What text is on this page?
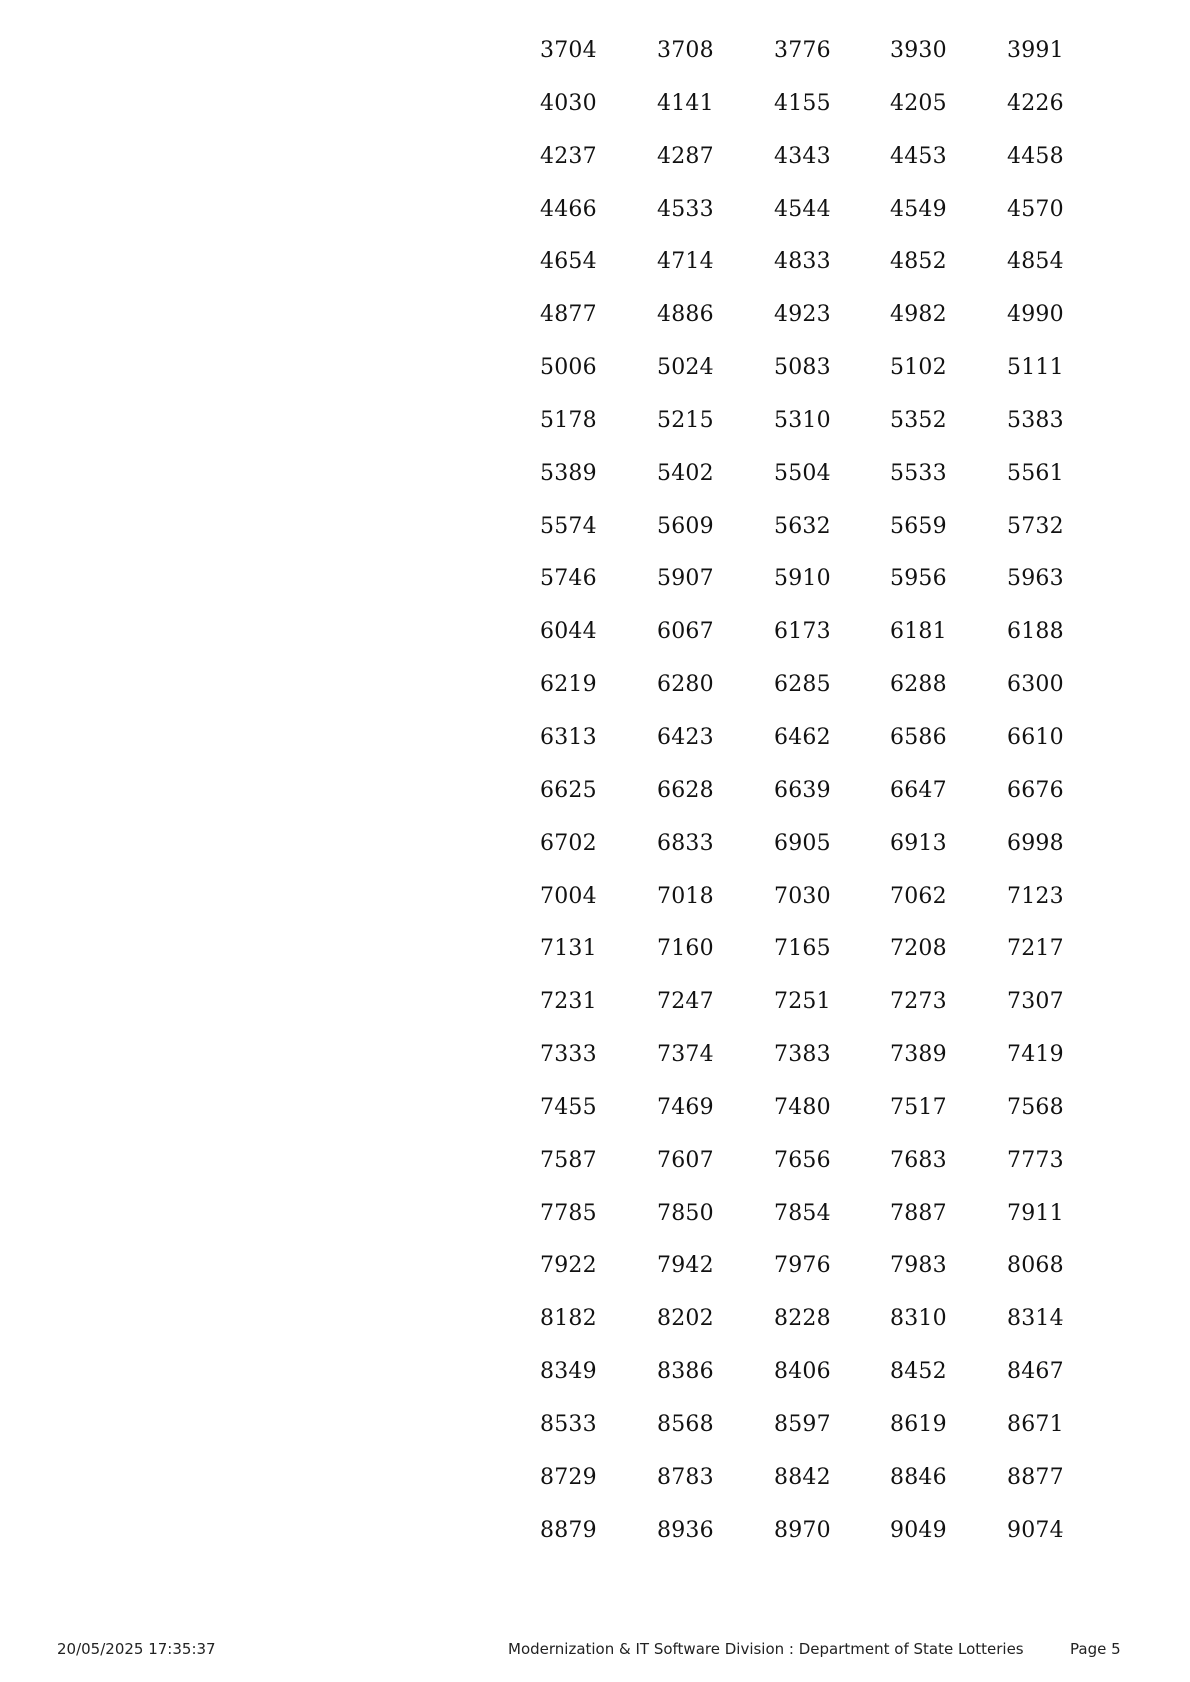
3704	3708	3776	3930	3991
4030	4141	4155	4205	4226
4237	4287	4343	4453	4458
4466	4533	4544	4549	4570
4654	4714	4833	4852	4854
4877	4886	4923	4982	4990
5006	5024	5083	5102	5111
5178	5215	5310	5352	5383
5389	5402	5504	5533	5561
5574	5609	5632	5659	5732
5746	5907	5910	5956	5963
6044	6067	6173	6181	6188
6219	6280	6285	6288	6300
6313	6423	6462	6586	6610
6625	6628	6639	6647	6676
6702	6833	6905	6913	6998
7004	7018	7030	7062	7123
7131	7160	7165	7208	7217
7231	7247	7251	7273	7307
7333	7374	7383	7389	7419
7455	7469	7480	7517	7568
7587	7607	7656	7683	7773
7785	7850	7854	7887	7911
7922	7942	7976	7983	8068
8182	8202	8228	8310	8314
8349	8386	8406	8452	8467
8533	8568	8597	8619	8671
8729	8783	8842	8846	8877
8879	8936	8970	9049	9074
20/05/2025 17:35:37	Modernization & IT Software Division : Department of State Lotteries	Page 5
